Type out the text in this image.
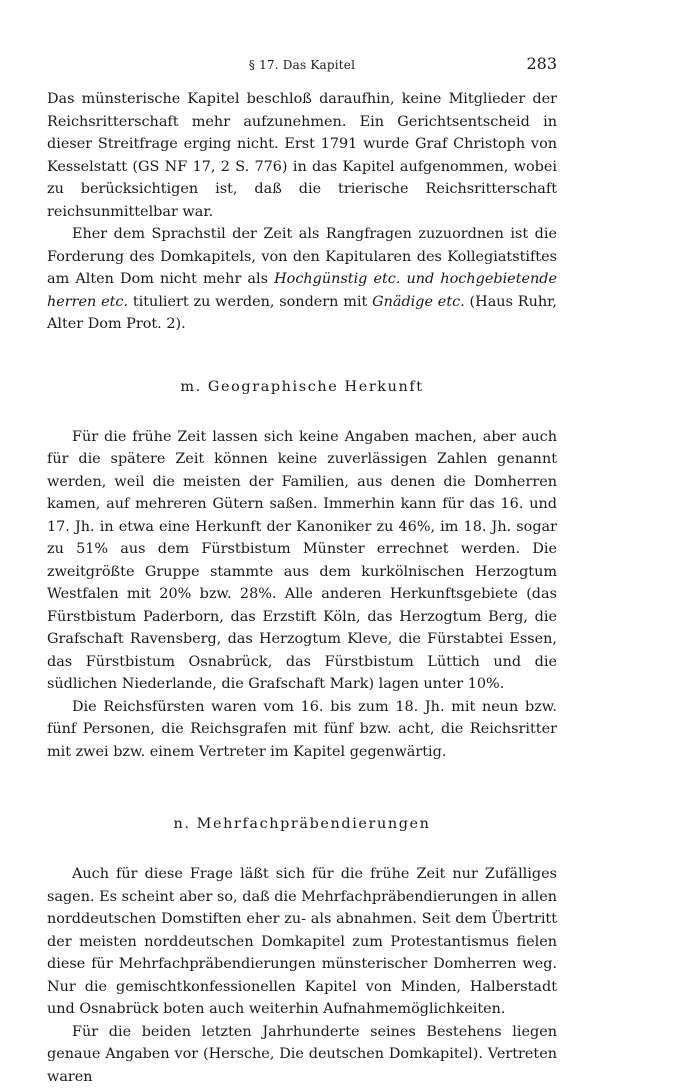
§ 17. Das Kapitel	283

Das münsterische Kapitel beschloß daraufhin, keine Mitglieder der Reichsritterschaft mehr aufzunehmen. Ein Gerichtsentscheid in dieser Streitfrage erging nicht. Erst 1791 wurde Graf Christoph von Kesselstatt (GS NF 17, 2 S. 776) in das Kapitel aufgenommen, wobei zu berücksichtigen ist, daß die trierische Reichsritterschaft reichsunmittelbar war.

Eher dem Sprachstil der Zeit als Rangfragen zuzuordnen ist die Forderung des Domkapitels, von den Kapitularen des Kollegiatstiftes am Alten Dom nicht mehr als Hochgünstig etc. und hochgebietende herren etc. tituliert zu werden, sondern mit Gnädige etc. (Haus Ruhr, Alter Dom Prot. 2).

m. Geographische Herkunft

Für die frühe Zeit lassen sich keine Angaben machen, aber auch für die spätere Zeit können keine zuverlässigen Zahlen genannt werden, weil die meisten der Familien, aus denen die Domherren kamen, auf mehreren Gütern saßen. Immerhin kann für das 16. und 17. Jh. in etwa eine Herkunft der Kanoniker zu 46%, im 18. Jh. sogar zu 51% aus dem Fürstbistum Münster errechnet werden. Die zweitgrößte Gruppe stammte aus dem kurkölnischen Herzogtum Westfalen mit 20% bzw. 28%. Alle anderen Herkunftsgebiete (das Fürstbistum Paderborn, das Erzstift Köln, das Herzogtum Berg, die Grafschaft Ravensberg, das Herzogtum Kleve, die Fürstabtei Essen, das Fürstbistum Osnabrück, das Fürstbistum Lüttich und die südlichen Niederlande, die Grafschaft Mark) lagen unter 10%.

Die Reichsfürsten waren vom 16. bis zum 18. Jh. mit neun bzw. fünf Personen, die Reichsgrafen mit fünf bzw. acht, die Reichsritter mit zwei bzw. einem Vertreter im Kapitel gegenwärtig.

n. Mehrfachpräbendierungen

Auch für diese Frage läßt sich für die frühe Zeit nur Zufälliges sagen. Es scheint aber so, daß die Mehrfachpräbendierungen in allen norddeutschen Domstiften eher zu- als abnahmen. Seit dem Übertritt der meisten norddeutschen Domkapitel zum Protestantismus fielen diese für Mehrfachpräbendierungen münsterischer Domherren weg. Nur die gemischtkonfessionellen Kapitel von Minden, Halberstadt und Osnabrück boten auch weiterhin Aufnahmemöglichkeiten.

Für die beiden letzten Jahrhunderte seines Bestehens liegen genaue Angaben vor (Hersche, Die deutschen Domkapitel). Vertreten waren
